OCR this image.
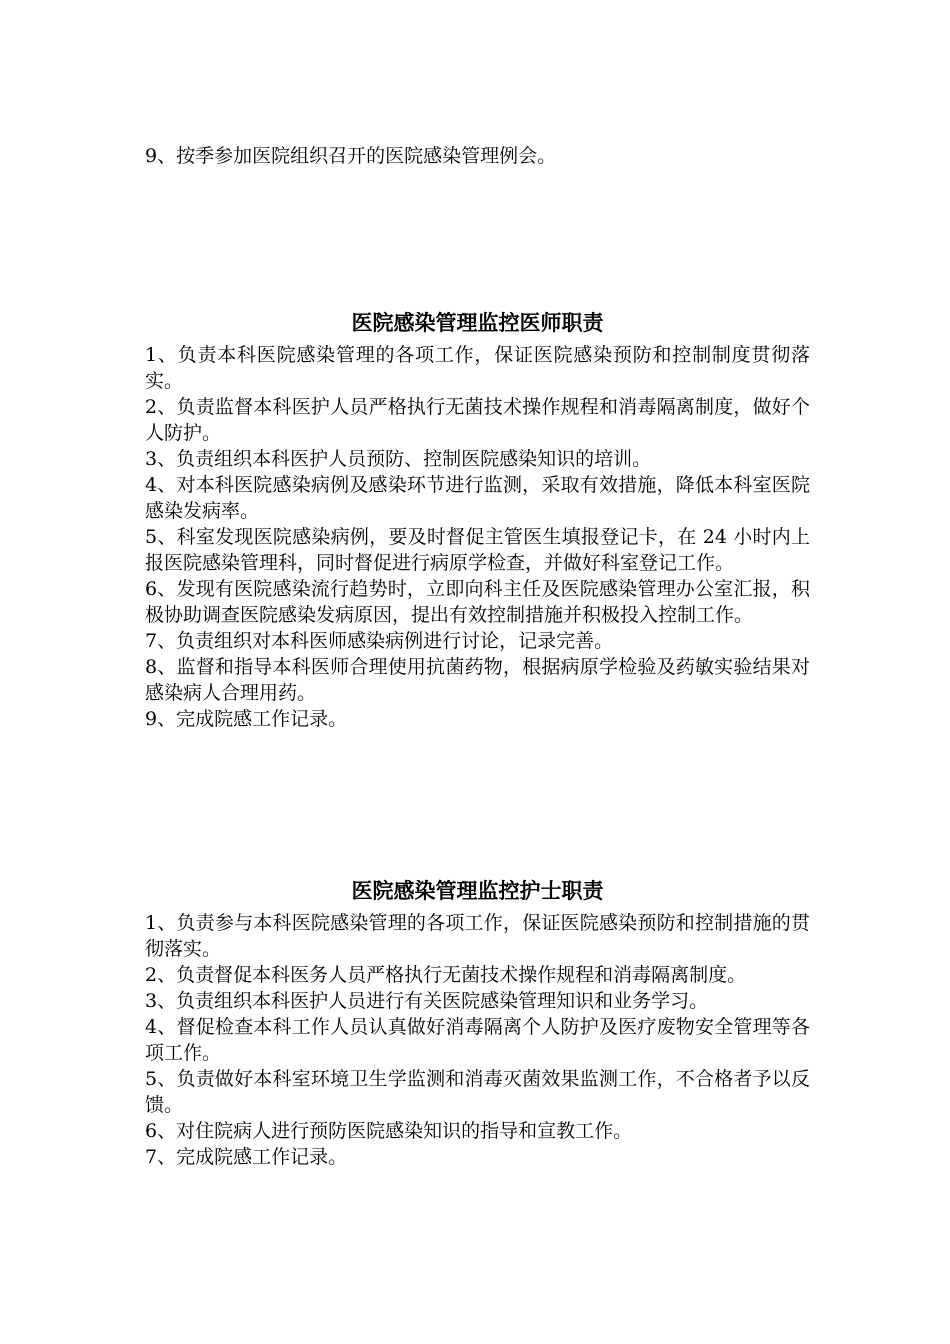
9、按季参加医院组织召开的医院感染管理例会。

医院感染管理监控医师职责

1、负责本科医院感染管理的各项工作，保证医院感染预防和控制制度贯彻落实。

2、负责监督本科医护人员严格执行无菌技术操作规程和消毒隔离制度，做好个人防护。

3、负责组织本科医护人员预防、控制医院感染知识的培训。

4、对本科医院感染病例及感染环节进行监测，采取有效措施，降低本科室医院感染发病率。

5、科室发现医院感染病例，要及时督促主管医生填报登记卡，在 24 小时内上报医院感染管理科，同时督促进行病原学检查，并做好科室登记工作。

6、发现有医院感染流行趋势时，立即向科主任及医院感染管理办公室汇报，积极协助调查医院感染发病原因，提出有效控制措施并积极投入控制工作。

7、负责组织对本科医师感染病例进行讨论，记录完善。

8、监督和指导本科医师合理使用抗菌药物，根据病原学检验及药敏实验结果对感染病人合理用药。

9、完成院感工作记录。

医院感染管理监控护士职责

1、负责参与本科医院感染管理的各项工作，保证医院感染预防和控制措施的贯彻落实。

2、负责督促本科医务人员严格执行无菌技术操作规程和消毒隔离制度。

3、负责组织本科医护人员进行有关医院感染管理知识和业务学习。

4、督促检查本科工作人员认真做好消毒隔离个人防护及医疗废物安全管理等各项工作。

5、负责做好本科室环境卫生学监测和消毒灭菌效果监测工作，不合格者予以反馈。

6、对住院病人进行预防医院感染知识的指导和宣教工作。

7、完成院感工作记录。
